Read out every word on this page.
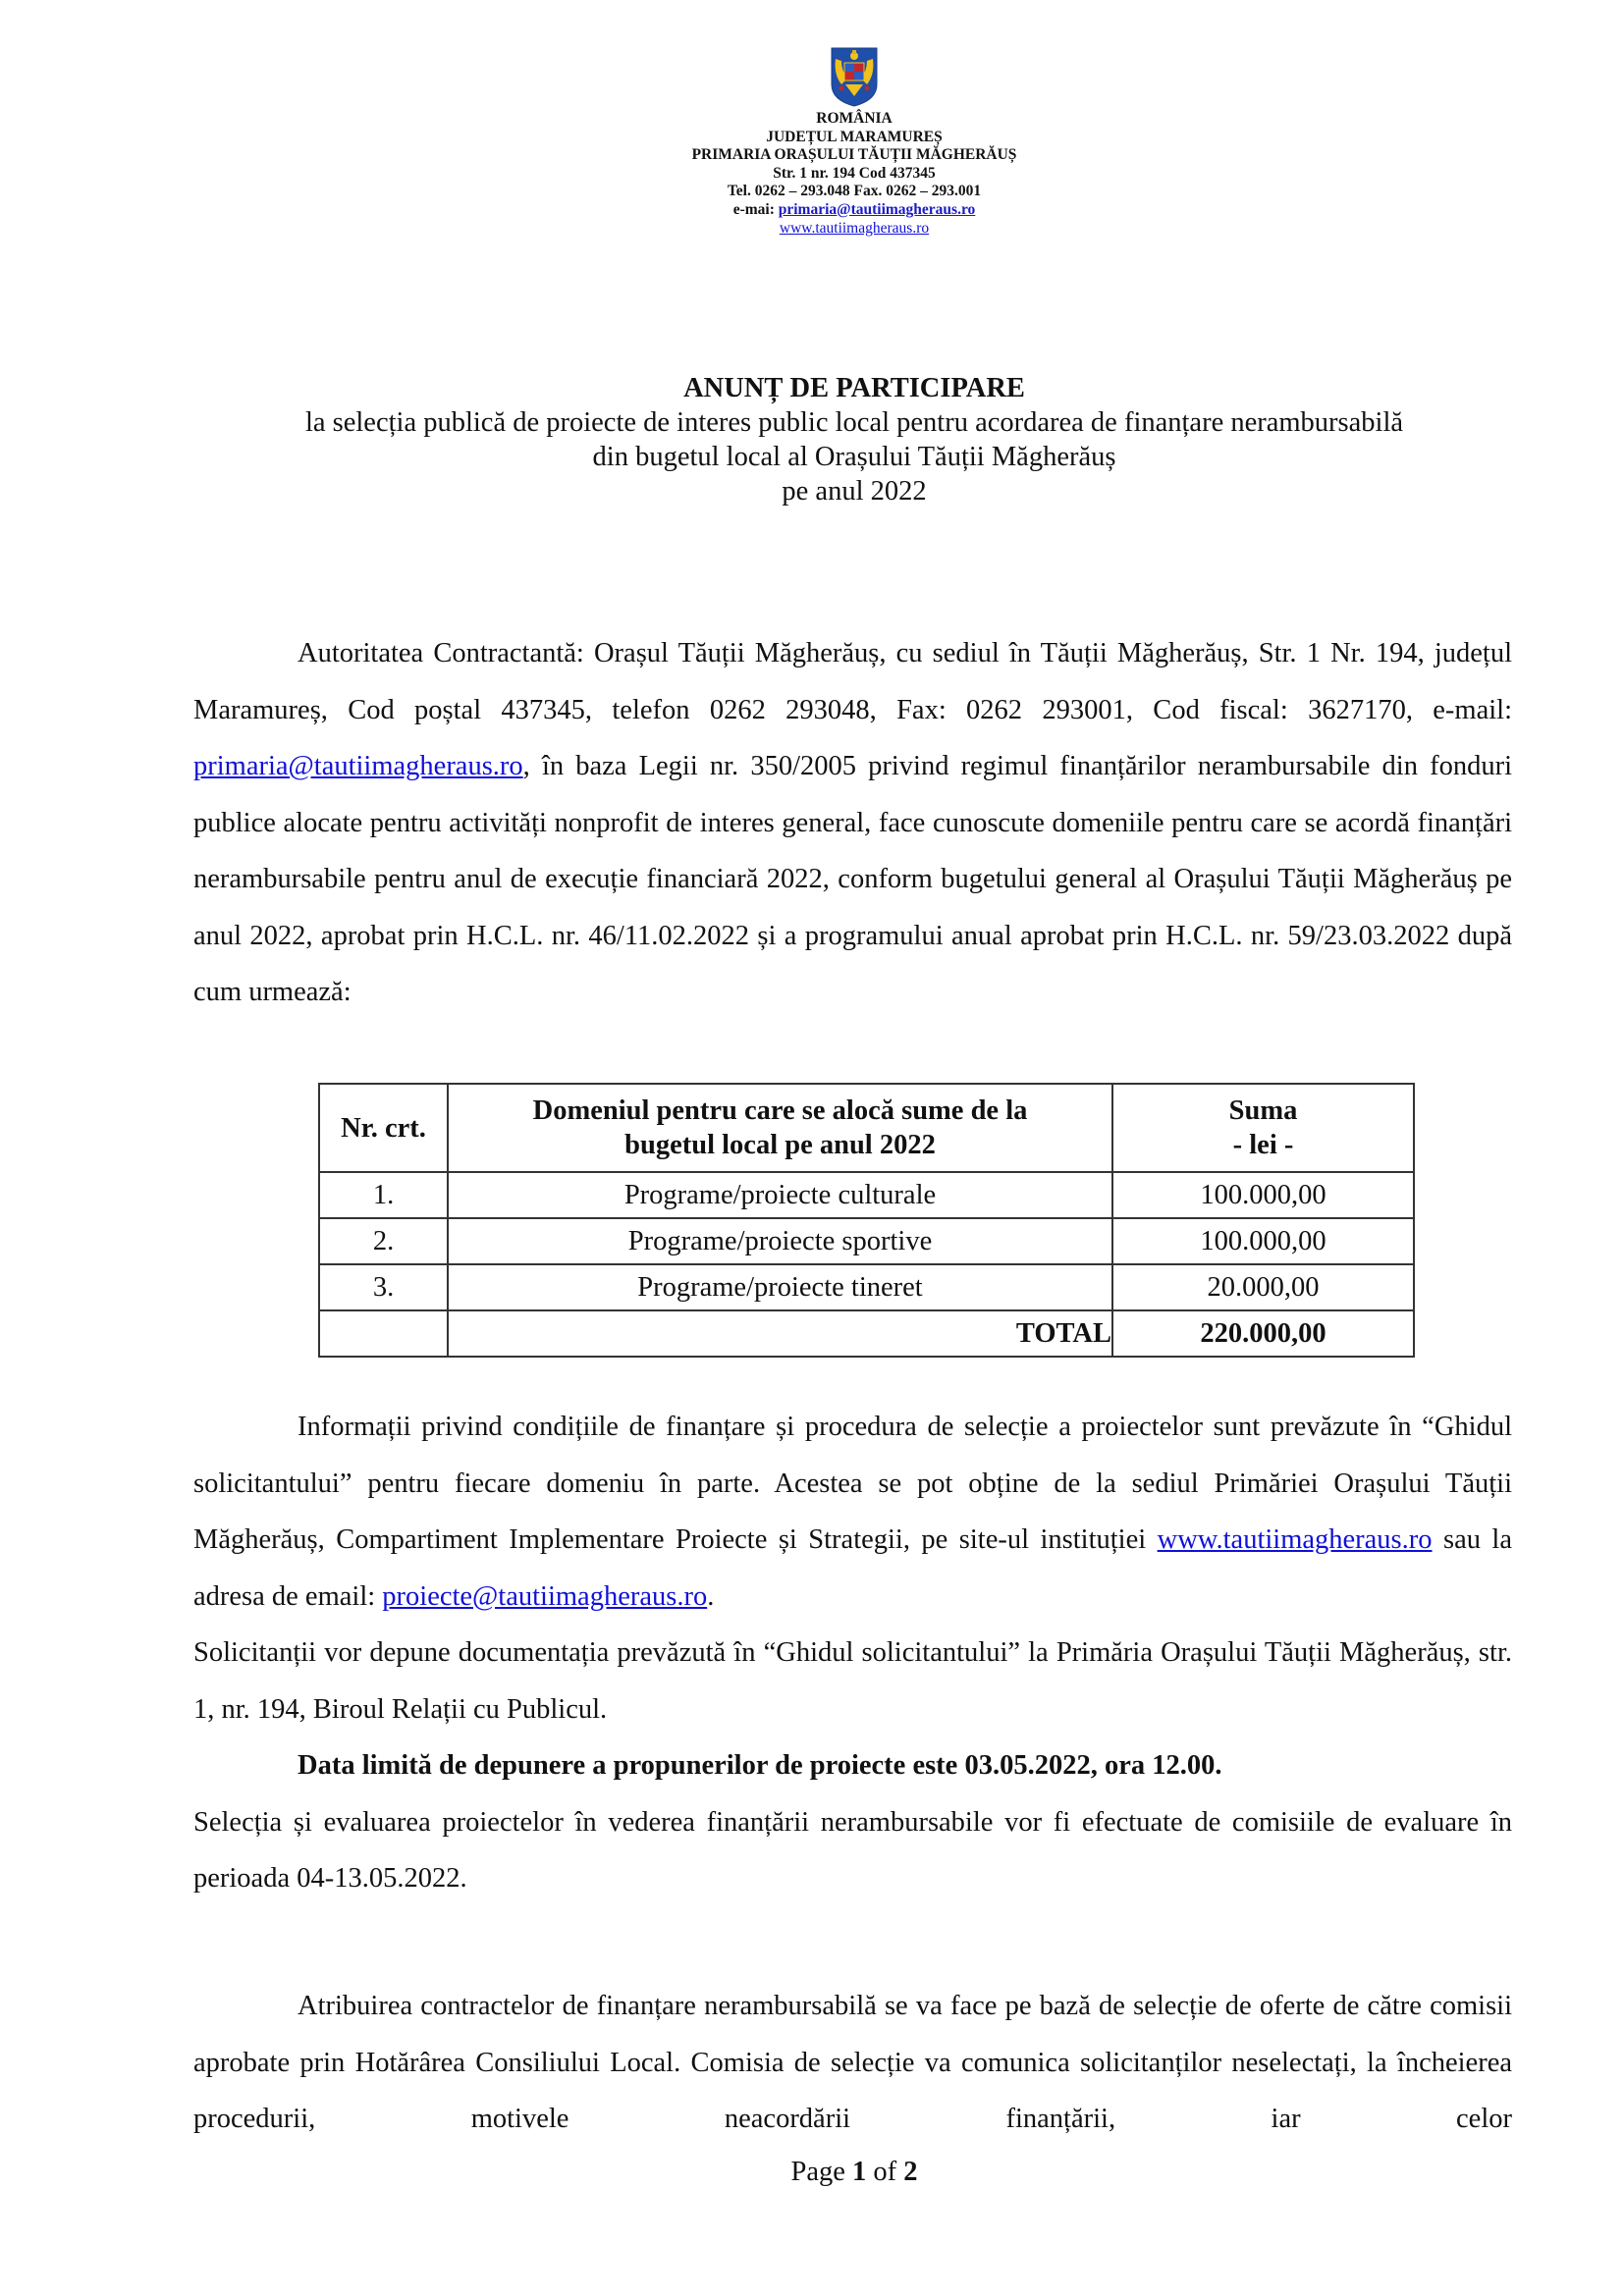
ROMÂNIA
JUDEȚUL MARAMUREȘ
PRIMARIA ORAȘULUI TĂUȚII MĂGHERĂUȘ
Str. 1 nr. 194 Cod 437345
Tel. 0262 – 293.048 Fax. 0262 – 293.001
e-mai: primaria@tautiimagheraus.ro
www.tautiimagheraus.ro
ANUNȚ DE PARTICIPARE
la selecția publică de proiecte de interes public local pentru acordarea de finanțare nerambursabilă
din bugetul local al Orașului Tăuții Măgherăuș
pe anul 2022

Autoritatea Contractantă: Orașul Tăuții Măgherăuș, cu sediul în Tăuții Măgherăuș, Str. 1 Nr. 194, județul Maramureș, Cod poștal 437345, telefon 0262 293048, Fax: 0262 293001, Cod fiscal: 3627170, e-mail: primaria@tautiimagheraus.ro, în baza Legii nr. 350/2005 privind regimul finanțărilor nerambursabile din fonduri publice alocate pentru activități nonprofit de interes general, face cunoscute domeniile pentru care se acordă finanțări nerambursabile pentru anul de execuție financiară 2022, conform bugetului general al Orașului Tăuții Măgherăuș pe anul 2022, aprobat prin H.C.L. nr. 46/11.02.2022 și a programului anual aprobat prin H.C.L. nr. 59/23.03.2022 după cum urmează:

Nr. crt.	Domeniul pentru care se alocă sume de la bugetul local pe anul 2022	Suma
- lei -

1.	Programe/proiecte culturale	100.000,00
2.	Programe/proiecte sportive	100.000,00
3.	Programe/proiecte tineret	20.000,00
	TOTAL	220.000,00

Informații privind condițiile de finanțare și procedura de selecție a proiectelor sunt prevăzute în “Ghidul solicitantului” pentru fiecare domeniu în parte. Acestea se pot obține de la sediul Primăriei Orașului Tăuții Măgherăuș, Compartiment Implementare Proiecte și Strategii, pe site-ul instituției www.tautiimagheraus.ro sau la adresa de email: proiecte@tautiimagheraus.ro.

Solicitanții vor depune documentația prevăzută în “Ghidul solicitantului” la Primăria Orașului Tăuții Măgherăuș, str. 1, nr. 194, Biroul Relații cu Publicul.

Data limită de depunere a propunerilor de proiecte este 03.05.2022, ora 12.00.

Selecția și evaluarea proiectelor în vederea finanțării nerambursabile vor fi efectuate de comisiile de evaluare în perioada 04-13.05.2022.

Atribuirea contractelor de finanțare nerambursabilă se va face pe bază de selecție de oferte de către comisii aprobate prin Hotărârea Consiliului Local. Comisia de selecție va comunica solicitanților neselectați, la încheierea procedurii, motivele neacordării finanțării, iar celor

Page 1 of 2
